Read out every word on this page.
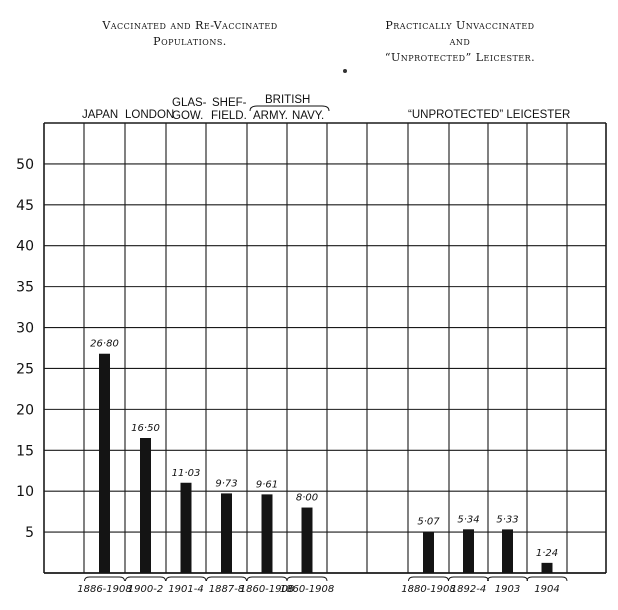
Vaccinated and Re-Vaccinated
Populations.
Practically Unvaccinated
and
“Unprotected” Leicester.
5
10
15
20
25
30
35
40
45
50
26·80
16·50
11·03
9·73 9·61
8·00
5·07 5·34 5·33
1·24
1886-1908
1900-2 1901-4 1887-8
1860-1908
1860-1908	1880-1908
1892-4 1903 1904
JAPAN LONDON
GLAS-
GOW.
SHEF-
FIELD.
BRITISH
ARMY. NAVY.	“UNPROTECTED” LEICESTER
